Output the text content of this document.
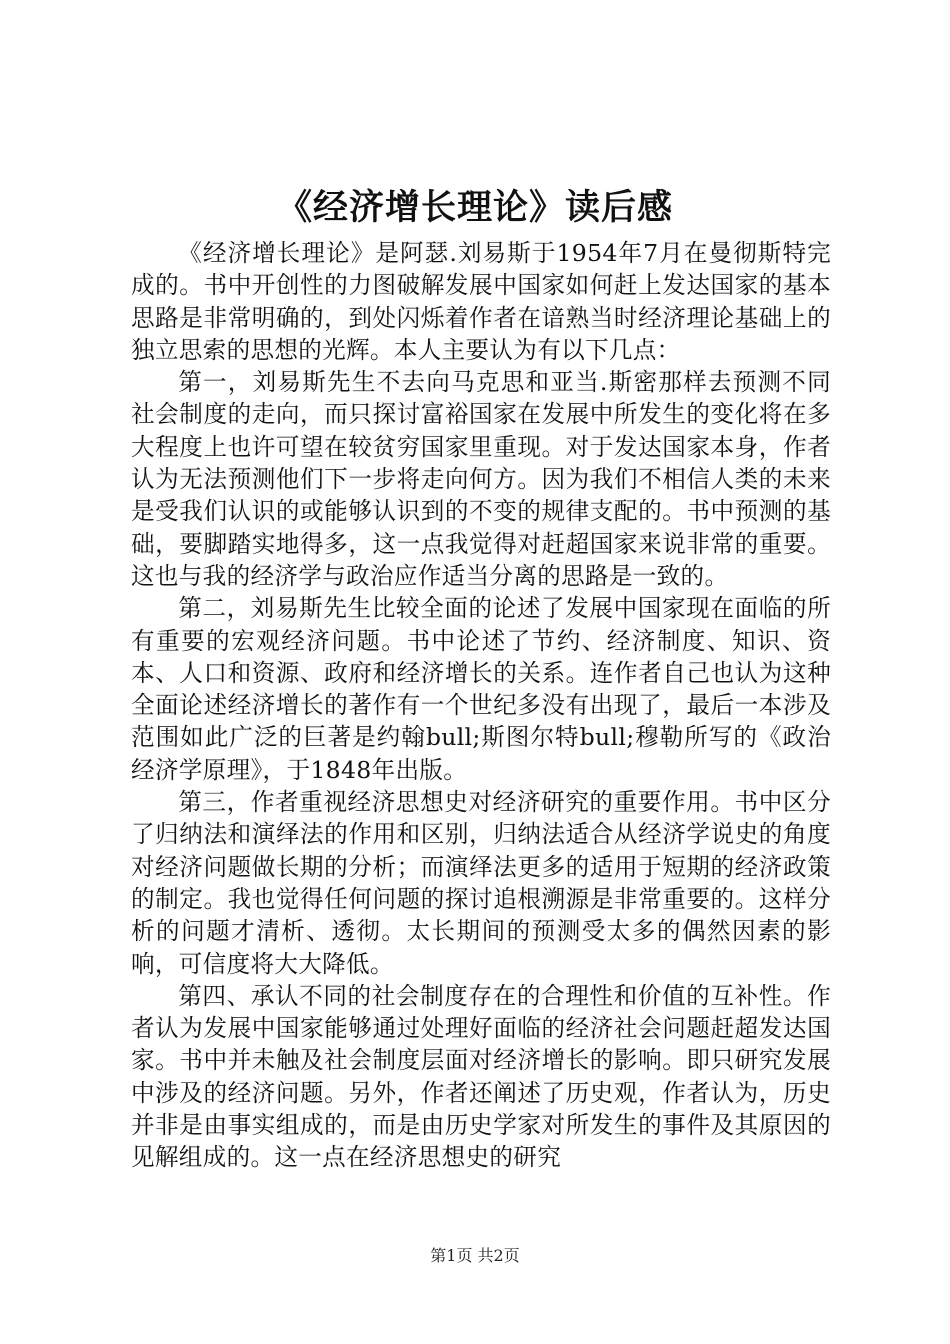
《经济增长理论》读后感

《经济增长理论》是阿瑟.刘易斯于1954年7月在曼彻斯特完成的。书中开创性的力图破解发展中国家如何赶上发达国家的基本思路是非常明确的，到处闪烁着作者在谙熟当时经济理论基础上的独立思索的思想的光辉。本人主要认为有以下几点：

第一，刘易斯先生不去向马克思和亚当.斯密那样去预测不同社会制度的走向，而只探讨富裕国家在发展中所发生的变化将在多大程度上也许可望在较贫穷国家里重现。对于发达国家本身，作者认为无法预测他们下一步将走向何方。因为我们不相信人类的未来是受我们认识的或能够认识到的不变的规律支配的。书中预测的基础，要脚踏实地得多，这一点我觉得对赶超国家来说非常的重要。这也与我的经济学与政治应作适当分离的思路是一致的。

第二，刘易斯先生比较全面的论述了发展中国家现在面临的所有重要的宏观经济问题。书中论述了节约、经济制度、知识、资本、人口和资源、政府和经济增长的关系。连作者自己也认为这种全面论述经济增长的著作有一个世纪多没有出现了，最后一本涉及范围如此广泛的巨著是约翰bull;斯图尔特bull;穆勒所写的《政治经济学原理》，于1848年出版。

第三，作者重视经济思想史对经济研究的重要作用。书中区分了归纳法和演绎法的作用和区别，归纳法适合从经济学说史的角度对经济问题做长期的分析；而演绎法更多的适用于短期的经济政策的制定。我也觉得任何问题的探讨追根溯源是非常重要的。这样分析的问题才清析、透彻。太长期间的预测受太多的偶然因素的影响，可信度将大大降低。

第四、承认不同的社会制度存在的合理性和价值的互补性。作者认为发展中国家能够通过处理好面临的经济社会问题赶超发达国家。书中并未触及社会制度层面对经济增长的影响。即只研究发展中涉及的经济问题。另外，作者还阐述了历史观，作者认为，历史并非是由事实组成的，而是由历史学家对所发生的事件及其原因的见解组成的。这一点在经济思想史的研究

第1页 共2页
